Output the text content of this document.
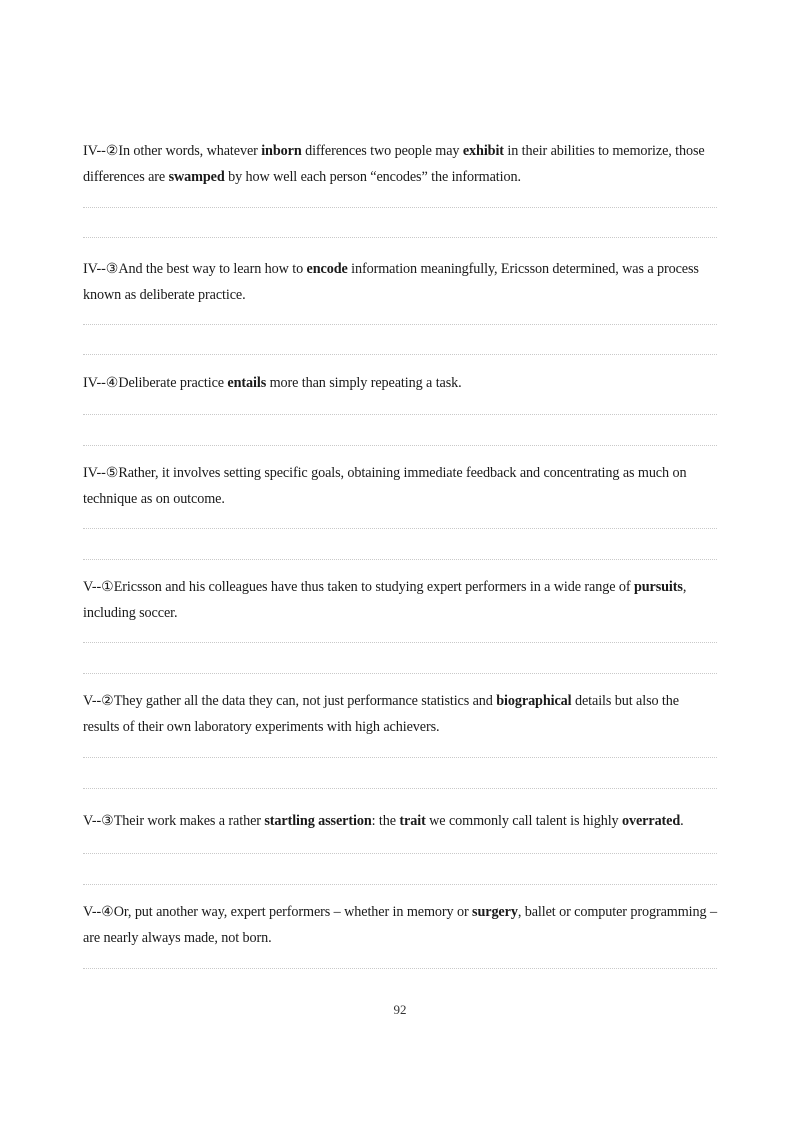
IV--②In other words, whatever inborn differences two people may exhibit in their abilities to memorize, those differences are swamped by how well each person “encodes” the information.

IV--③And the best way to learn how to encode information meaningfully, Ericsson determined, was a process known as deliberate practice.

IV--④Deliberate practice entails more than simply repeating a task.

IV--⑤Rather, it involves setting specific goals, obtaining immediate feedback and concentrating as much on technique as on outcome.

V--①Ericsson and his colleagues have thus taken to studying expert performers in a wide range of pursuits, including soccer.

V--②They gather all the data they can, not just performance statistics and biographical details but also the results of their own laboratory experiments with high achievers.

V--③Their work makes a rather startling assertion: the trait we commonly call talent is highly overrated.

V--④Or, put another way, expert performers – whether in memory or surgery, ballet or computer programming – are nearly always made, not born.

92
